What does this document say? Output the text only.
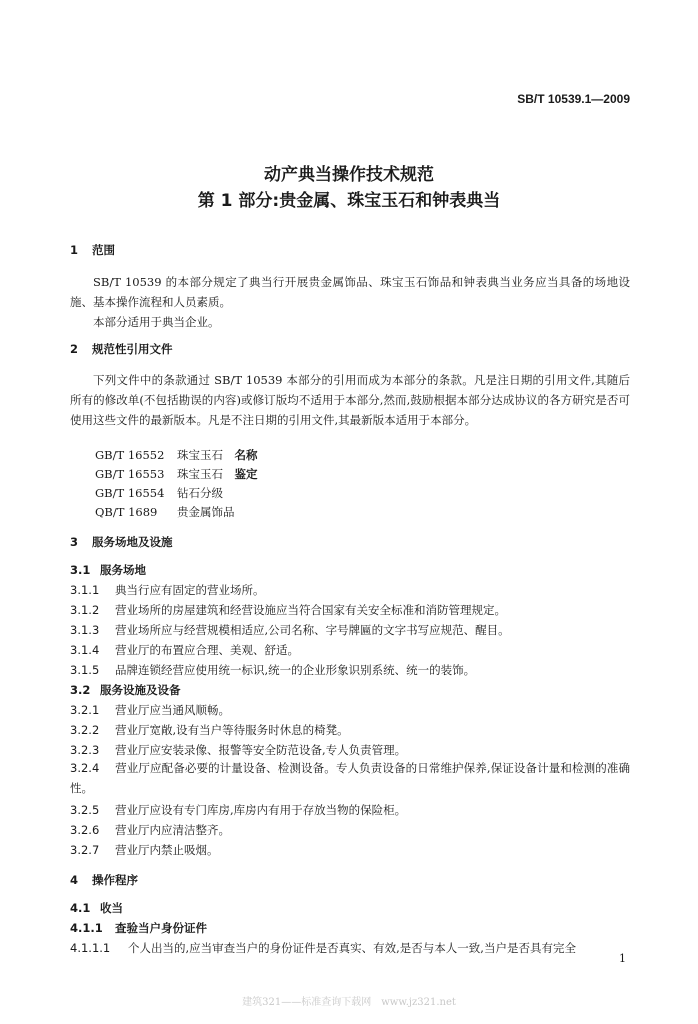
SB/T 10539.1—2009
动产典当操作技术规范
第 1 部分:贵金属、珠宝玉石和钟表典当
1 范围
SB/T 10539 的本部分规定了典当行开展贵金属饰品、珠宝玉石饰品和钟表典当业务应当具备的场地设施、基本操作流程和人员素质。
本部分适用于典当企业。
2 规范性引用文件
下列文件中的条款通过 SB/T 10539 本部分的引用而成为本部分的条款。凡是注日期的引用文件,其随后所有的修改单(不包括勘误的内容)或修订版均不适用于本部分,然而,鼓励根据本部分达成协议的各方研究是否可使用这些文件的最新版本。凡是不注日期的引用文件,其最新版本适用于本部分。
GB/T 16552 珠宝玉石　 名称
GB/T 16553 珠宝玉石　 鉴定
GB/T 16554 钻石分级
QB/T 1689 贵金属饰品
3 服务场地及设施
3.1 服务场地
3.1.1 典当行应有固定的营业场所。
3.1.2 营业场所的房屋建筑和经营设施应当符合国家有关安全标准和消防管理规定。
3.1.3 营业场所应与经营规模相适应,公司名称、字号牌匾的文字书写应规范、醒目。
3.1.4 营业厅的布置应合理、美观、舒适。
3.1.5 品牌连锁经营应使用统一标识,统一的企业形象识别系统、统一的装饰。
3.2 服务设施及设备
3.2.1 营业厅应当通风顺畅。
3.2.2 营业厅宽敞,设有当户等待服务时休息的椅凳。
3.2.3 营业厅应安装录像、报警等安全防范设备,专人负责管理。
3.2.4 营业厅应配备必要的计量设备、检测设备。专人负责设备的日常维护保养,保证设备计量和检测的准确性。
3.2.5 营业厅应设有专门库房,库房内有用于存放当物的保险柜。
3.2.6 营业厅内应清洁整齐。
3.2.7 营业厅内禁止吸烟。
4 操作程序
4.1 收当
4.1.1 查验当户身份证件
4.1.1.1 个人出当的,应当审查当户的身份证件是否真实、有效,是否与本人一致,当户是否具有完全
1
建筑321——标准查询下载网　www.jz321.net
